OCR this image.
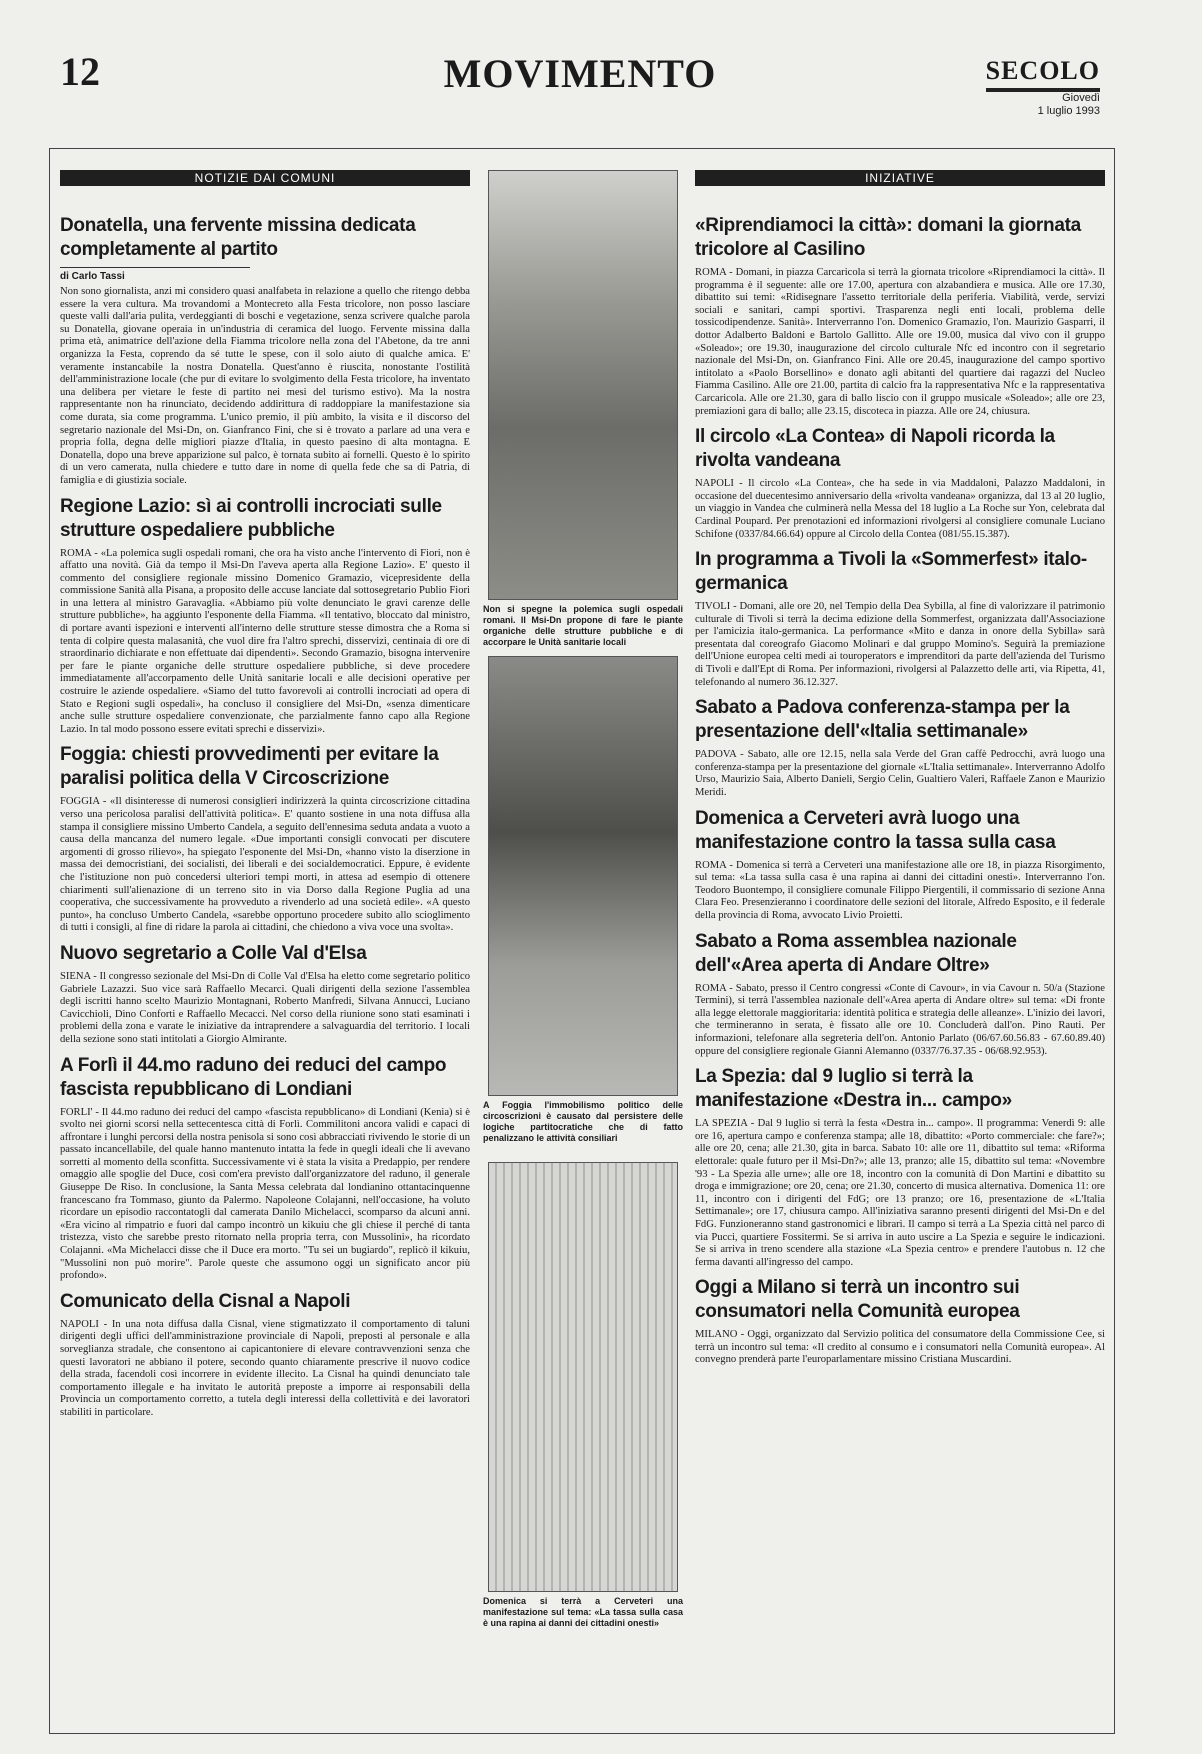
12	MOVIMENTO	SECOLO
Giovedì
1 luglio 1993
NOTIZIE DAI COMUNI
Donatella, una fervente missina dedicata completamente al partito
di Carlo Tassi

Non sono giornalista, anzi mi considero quasi analfabeta in relazione a quello che ritengo debba essere la vera cultura. Ma trovandomi a Montecreto alla Festa tricolore, non posso lasciare queste valli dall'aria pulita, verdeggianti di boschi e vegetazione, senza scrivere qualche parola su Donatella, giovane operaia in un'industria di ceramica del luogo. Fervente missina dalla prima età, animatrice dell'azione della Fiamma tricolore nella zona del l'Abetone, da tre anni organizza la Festa, coprendo da sé tutte le spese, con il solo aiuto di qualche amica. E' veramente instancabile la nostra Donatella. Quest'anno è riuscita, nonostante l'ostilità dell'amministrazione locale (che pur di evitare lo svolgimento della Festa tricolore, ha inventato una delibera per vietare le feste di partito nei mesi del turismo estivo). Ma la nostra rappresentante non ha rinunciato, decidendo addirittura di raddoppiare la manifestazione sia come durata, sia come programma. L'unico premio, il più ambito, la visita e il discorso del segretario nazionale del Msi-Dn, on. Gianfranco Fini, che si è trovato a parlare ad una vera e propria folla, degna delle migliori piazze d'Italia, in questo paesino di alta montagna. E Donatella, dopo una breve apparizione sul palco, è tornata subito ai fornelli. Questo è lo spirito di un vero camerata, nulla chiedere e tutto dare in nome di quella fede che sa di Patria, di famiglia e di giustizia sociale.

Regione Lazio: sì ai controlli incrociati sulle strutture ospedaliere pubbliche

ROMA - «La polemica sugli ospedali romani, che ora ha visto anche l'intervento di Fiori, non è affatto una novità. Già da tempo il Msi-Dn l'aveva aperta alla Regione Lazio». E' questo il commento del consigliere regionale missino Domenico Gramazio, vicepresidente della commissione Sanità alla Pisana, a proposito delle accuse lanciate dal sottosegretario Publio Fiori in una lettera al ministro Garavaglia. «Abbiamo più volte denunciato le gravi carenze delle strutture pubbliche», ha aggiunto l'esponente della Fiamma. «Il tentativo, bloccato dal ministro, di portare avanti ispezioni e interventi all'interno delle strutture stesse dimostra che a Roma si tenta di colpire questa malasanità, che vuol dire fra l'altro sprechi, disservizi, centinaia di ore di straordinario dichiarate e non effettuate dai dipendenti». Secondo Gramazio, bisogna intervenire per fare le piante organiche delle strutture ospedaliere pubbliche, si deve procedere immediatamente all'accorpamento delle Unità sanitarie locali e alle decisioni operative per costruire le aziende ospedaliere. «Siamo del tutto favorevoli ai controlli incrociati ad opera di Stato e Regioni sugli ospedali», ha concluso il consigliere del Msi-Dn, «senza dimenticare anche sulle strutture ospedaliere convenzionate, che parzialmente fanno capo alla Regione Lazio. In tal modo possono essere evitati sprechi e disservizi».

Foggia: chiesti provvedimenti per evitare la paralisi politica della V Circoscrizione

FOGGIA - «Il disinteresse di numerosi consiglieri indirizzerà la quinta circoscrizione cittadina verso una pericolosa paralisi dell'attività politica». E' quanto sostiene in una nota diffusa alla stampa il consigliere missino Umberto Candela, a seguito dell'ennesima seduta andata a vuoto a causa della mancanza del numero legale. «Due importanti consigli convocati per discutere argomenti di grosso rilievo», ha spiegato l'esponente del Msi-Dn, «hanno visto la diserzione in massa dei democristiani, dei socialisti, dei liberali e dei socialdemocratici. Eppure, è evidente che l'istituzione non può concedersi ulteriori tempi morti, in attesa ad esempio di ottenere chiarimenti sull'alienazione di un terreno sito in via Dorso dalla Regione Puglia ad una cooperativa, che successivamente ha provveduto a rivenderlo ad una società edile». «A questo punto», ha concluso Umberto Candela, «sarebbe opportuno procedere subito allo scioglimento di tutti i consigli, al fine di ridare la parola ai cittadini, che chiedono a viva voce una svolta».

Nuovo segretario a Colle Val d'Elsa

SIENA - Il congresso sezionale del Msi-Dn di Colle Val d'Elsa ha eletto come segretario politico Gabriele Lazazzi. Suo vice sarà Raffaello Mecarci. Quali dirigenti della sezione l'assemblea degli iscritti hanno scelto Maurizio Montagnani, Roberto Manfredi, Silvana Annucci, Luciano Cavicchioli, Dino Conforti e Raffaello Mecacci. Nel corso della riunione sono stati esaminati i problemi della zona e varate le iniziative da intraprendere a salvaguardia del territorio. I locali della sezione sono stati intitolati a Giorgio Almirante.

A Forlì il 44.mo raduno dei reduci del campo fascista repubblicano di Londiani

FORLI' - Il 44.mo raduno dei reduci del campo «fascista repubblicano» di Londiani (Kenia) si è svolto nei giorni scorsi nella settecentesca città di Forlì. Commilitoni ancora validi e capaci di affrontare i lunghi percorsi della nostra penisola si sono così abbracciati rivivendo le storie di un passato incancellabile, del quale hanno mantenuto intatta la fede in quegli ideali che li avevano sorretti al momento della sconfitta. Successivamente vi è stata la visita a Predappio, per rendere omaggio alle spoglie del Duce, così com'era previsto dall'organizzatore del raduno, il generale Giuseppe De Riso. In conclusione, la Santa Messa celebrata dal londianino ottantacinquenne francescano fra Tommaso, giunto da Palermo. Napoleone Colajanni, nell'occasione, ha voluto ricordare un episodio raccontatogli dal camerata Danilo Michelacci, scomparso da alcuni anni. «Era vicino al rimpatrio e fuori dal campo incontrò un kikuiu che gli chiese il perché di tanta tristezza, visto che sarebbe presto ritornato nella propria terra, con Mussolini», ha ricordato Colajanni. «Ma Michelacci disse che il Duce era morto. "Tu sei un bugiardo", replicò il kikuiu, "Mussolini non può morire". Parole queste che assumono oggi un significato ancor più profondo».

Comunicato della Cisnal a Napoli

NAPOLI - In una nota diffusa dalla Cisnal, viene stigmatizzato il comportamento di taluni dirigenti degli uffici dell'amministrazione provinciale di Napoli, preposti al personale e alla sorveglianza stradale, che consentono ai capicantoniere di elevare contravvenzioni senza che questi lavoratori ne abbiano il potere, secondo quanto chiaramente prescrive il nuovo codice della strada, facendoli così incorrere in evidente illecito. La Cisnal ha quindi denunciato tale comportamento illegale e ha invitato le autorità preposte a imporre ai responsabili della Provincia un comportamento corretto, a tutela degli interessi della collettività e dei lavoratori stabiliti in particolare.

Non si spegne la polemica sugli ospedali romani. Il Msi-Dn propone di fare le piante organiche delle strutture pubbliche e di accorpare le Unità sanitarie locali

A Foggia l'immobilismo politico delle circoscrizioni è causato dal persistere delle logiche partitocratiche che di fatto penalizzano le attività consiliari

Domenica si terrà a Cerveteri una manifestazione sul tema: «La tassa sulla casa è una rapina ai danni dei cittadini onesti»

INIZIATIVE
«Riprendiamoci la città»: domani la giornata tricolore al Casilino

ROMA - Domani, in piazza Carcaricola si terrà la giornata tricolore «Riprendiamoci la città». Il programma è il seguente: alle ore 17.00, apertura con alzabandiera e musica. Alle ore 17.30, dibattito sui temi: «Ridisegnare l'assetto territoriale della periferia. Viabilità, verde, servizi sociali e sanitari, campi sportivi. Trasparenza negli enti locali, problema delle tossicodipendenze. Sanità». Interverranno l'on. Domenico Gramazio, l'on. Maurizio Gasparri, il dottor Adalberto Baldoni e Bartolo Gallitto. Alle ore 19.00, musica dal vivo con il gruppo «Soleado»; ore 19.30, inaugurazione del circolo culturale Nfc ed incontro con il segretario nazionale del Msi-Dn, on. Gianfranco Fini. Alle ore 20.45, inaugurazione del campo sportivo intitolato a «Paolo Borsellino» e donato agli abitanti del quartiere dai ragazzi del Nucleo Fiamma Casilino. Alle ore 21.00, partita di calcio fra la rappresentativa Nfc e la rappresentativa Carcaricola. Alle ore 21.30, gara di ballo liscio con il gruppo musicale «Soleado»; alle ore 23, premiazioni gara di ballo; alle 23.15, discoteca in piazza. Alle ore 24, chiusura.

Il circolo «La Contea» di Napoli ricorda la rivolta vandeana

NAPOLI - Il circolo «La Contea», che ha sede in via Maddaloni, Palazzo Maddaloni, in occasione del duecentesimo anniversario della «rivolta vandeana» organizza, dal 13 al 20 luglio, un viaggio in Vandea che culminerà nella Messa del 18 luglio a La Roche sur Yon, celebrata dal Cardinal Poupard. Per prenotazioni ed informazioni rivolgersi al consigliere comunale Luciano Schifone (0337/84.66.64) oppure al Circolo della Contea (081/55.15.387).

In programma a Tivoli la «Sommerfest» italo-germanica

TIVOLI - Domani, alle ore 20, nel Tempio della Dea Sybilla, al fine di valorizzare il patrimonio culturale di Tivoli si terrà la decima edizione della Sommerfest, organizzata dall'Associazione per l'amicizia italo-germanica. La performance «Mito e danza in onore della Sybilla» sarà presentata dal coreografo Giacomo Molinari e dal gruppo Momino's. Seguirà la premiazione dell'Unione europea celti medi ai touroperators e imprenditori da parte dell'azienda del Turismo di Tivoli e dall'Ept di Roma. Per informazioni, rivolgersi al Palazzetto delle arti, via Ripetta, 41, telefonando al numero 36.12.327.

Sabato a Padova conferenza-stampa per la presentazione dell'«Italia settimanale»

PADOVA - Sabato, alle ore 12.15, nella sala Verde del Gran caffè Pedrocchi, avrà luogo una conferenza-stampa per la presentazione del giornale «L'Italia settimanale». Interverranno Adolfo Urso, Maurizio Saia, Alberto Danieli, Sergio Celin, Gualtiero Valeri, Raffaele Zanon e Maurizio Meridi.

Domenica a Cerveteri avrà luogo una manifestazione contro la tassa sulla casa

ROMA - Domenica si terrà a Cerveteri una manifestazione alle ore 18, in piazza Risorgimento, sul tema: «La tassa sulla casa è una rapina ai danni dei cittadini onesti». Interverranno l'on. Teodoro Buontempo, il consigliere comunale Filippo Piergentili, il commissario di sezione Anna Clara Feo. Presenzieranno i coordinatore delle sezioni del litorale, Alfredo Esposito, e il federale della provincia di Roma, avvocato Livio Proietti.

Sabato a Roma assemblea nazionale dell'«Area aperta di Andare Oltre»

ROMA - Sabato, presso il Centro congressi «Conte di Cavour», in via Cavour n. 50/a (Stazione Termini), si terrà l'assemblea nazionale dell'«Area aperta di Andare oltre» sul tema: «Di fronte alla legge elettorale maggioritaria: identità politica e strategia delle alleanze». L'inizio dei lavori, che termineranno in serata, è fissato alle ore 10. Concluderà dall'on. Pino Rauti. Per informazioni, telefonare alla segreteria dell'on. Antonio Parlato (06/67.60.56.83 - 67.60.89.40) oppure del consigliere regionale Gianni Alemanno (0337/76.37.35 - 06/68.92.953).

La Spezia: dal 9 luglio si terrà la manifestazione «Destra in... campo»

LA SPEZIA - Dal 9 luglio si terrà la festa «Destra in... campo». Il programma: Venerdì 9: alle ore 16, apertura campo e conferenza stampa; alle 18, dibattito: «Porto commerciale: che fare?»; alle ore 20, cena; alle 21.30, gita in barca. Sabato 10: alle ore 11, dibattito sul tema: «Riforma elettorale: quale futuro per il Msi-Dn?»; alle 13, pranzo; alle 15, dibattito sul tema: «Novembre '93 - La Spezia alle urne»; alle ore 18, incontro con la comunità di Don Martini e dibattito su droga e immigrazione; ore 20, cena; ore 21.30, concerto di musica alternativa. Domenica 11: ore 11, incontro con i dirigenti del FdG; ore 13 pranzo; ore 16, presentazione de «L'Italia Settimanale»; ore 17, chiusura campo. All'iniziativa saranno presenti dirigenti del Msi-Dn e del FdG. Funzioneranno stand gastronomici e librari. Il campo si terrà a La Spezia città nel parco di via Pucci, quartiere Fossitermi. Se si arriva in auto uscire a La Spezia e seguire le indicazioni. Se si arriva in treno scendere alla stazione «La Spezia centro» e prendere l'autobus n. 12 che ferma davanti all'ingresso del campo.

Oggi a Milano si terrà un incontro sui consumatori nella Comunità europea

MILANO - Oggi, organizzato dal Servizio politica del consumatore della Commissione Cee, si terrà un incontro sul tema: «Il credito al consumo e i consumatori nella Comunità europea». Al convegno prenderà parte l'europarlamentare missino Cristiana Muscardini.
